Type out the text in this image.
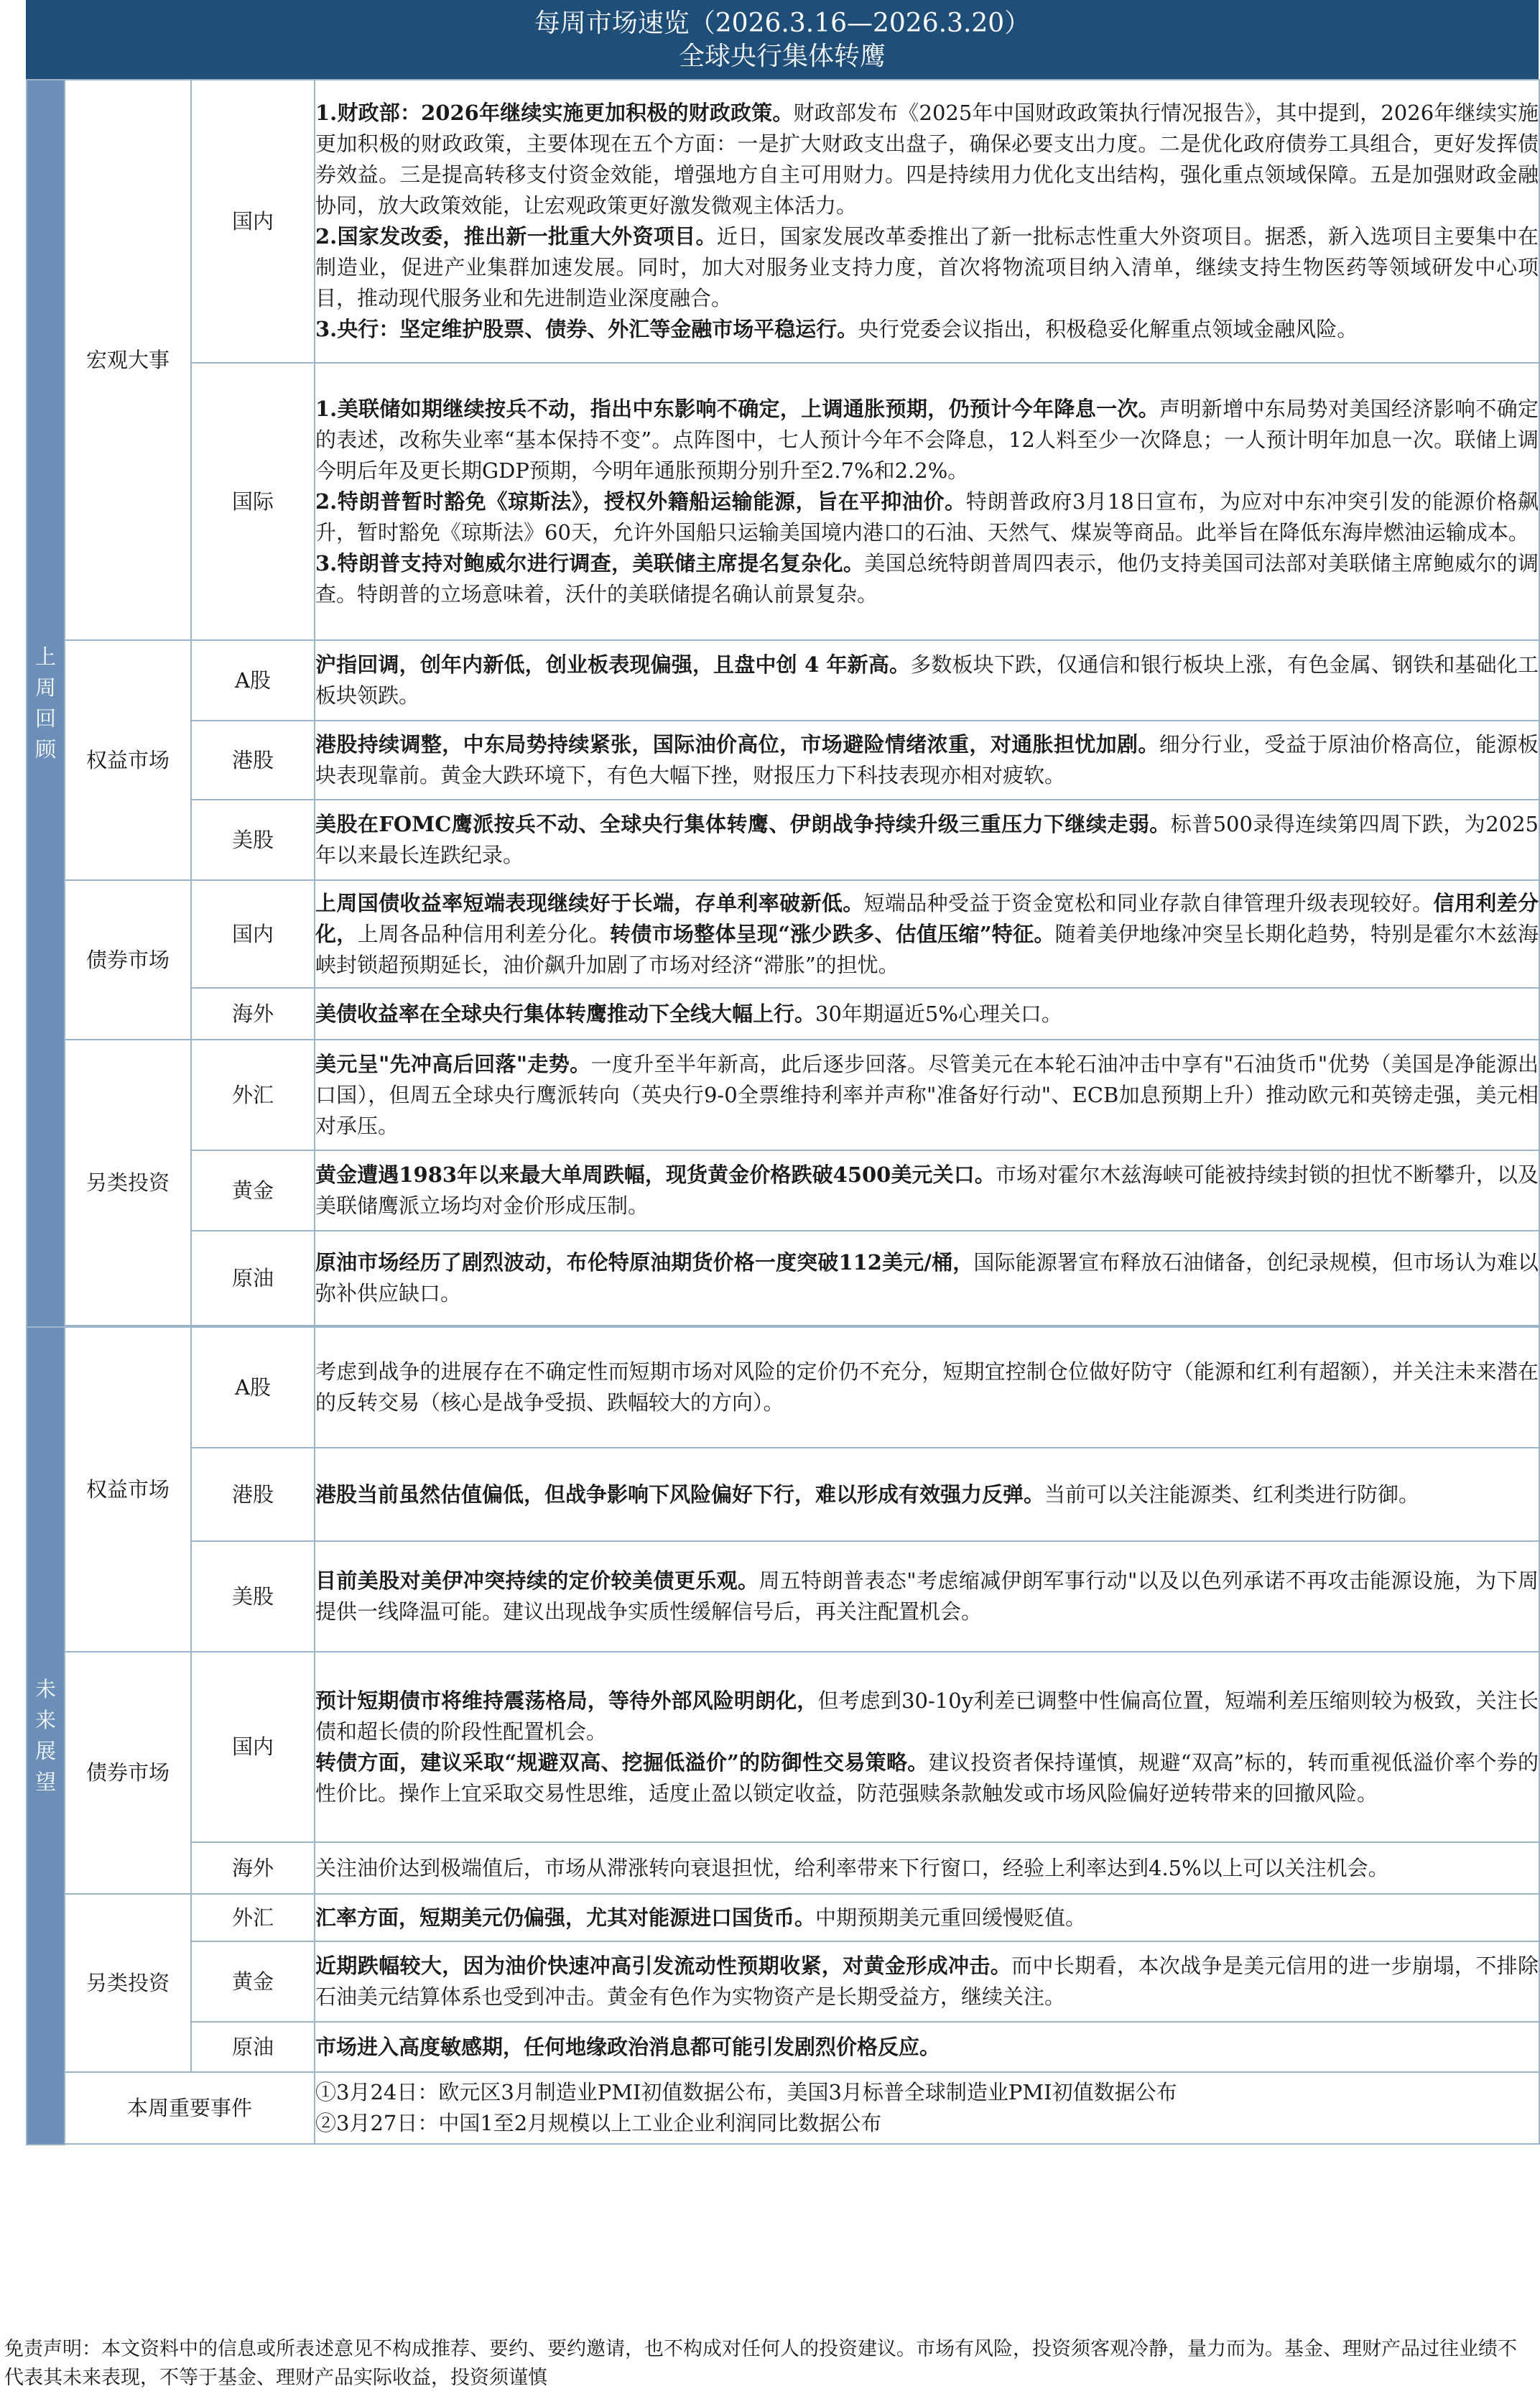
每周市场速览（2026.3.16—2026.3.20）
全球央行集体转鹰
上周回顾	宏观大事	国内	1.财政部：2026年继续实施更加积极的财政政策。财政部发布《2025年中国财政政策执行情况报告》，其中提到，2026年继续实施更加积极的财政政策，主要体现在五个方面：一是扩大财政支出盘子，确保必要支出力度。二是优化政府债券工具组合，更好发挥债券效益。三是提高转移支付资金效能，增强地方自主可用财力。四是持续用力优化支出结构，强化重点领域保障。五是加强财政金融协同，放大政策效能，让宏观政策更好激发微观主体活力。

2.国家发改委，推出新一批重大外资项目。近日，国家发展改革委推出了新一批标志性重大外资项目。据悉，新入选项目主要集中在制造业，促进产业集群加速发展。同时，加大对服务业支持力度，首次将物流项目纳入清单，继续支持生物医药等领域研发中心项目，推动现代服务业和先进制造业深度融合。

3.央行：坚定维护股票、债券、外汇等金融市场平稳运行。央行党委会议指出，积极稳妥化解重点领域金融风险。

		国际	1.美联储如期继续按兵不动，指出中东影响不确定，上调通胀预期，仍预计今年降息一次。声明新增中东局势对美国经济影响不确定的表述，改称失业率“基本保持不变”。点阵图中，七人预计今年不会降息，12人料至少一次降息；一人预计明年加息一次。联储上调今明后年及更长期GDP预期，今明年通胀预期分别升至2.7%和2.2%。

2.特朗普暂时豁免《琼斯法》，授权外籍船运输能源，旨在平抑油价。特朗普政府3月18日宣布，为应对中东冲突引发的能源价格飙升，暂时豁免《琼斯法》60天，允许外国船只运输美国境内港口的石油、天然气、煤炭等商品。此举旨在降低东海岸燃油运输成本。

3.特朗普支持对鲍威尔进行调查，美联储主席提名复杂化。美国总统特朗普周四表示，他仍支持美国司法部对美联储主席鲍威尔的调查。特朗普的立场意味着，沃什的美联储提名确认前景复杂。

	权益市场	A股	沪指回调，创年内新低，创业板表现偏强，且盘中创 4 年新高。多数板块下跌，仅通信和银行板块上涨，有色金属、钢铁和基础化工板块领跌。

		港股	港股持续调整，中东局势持续紧张，国际油价高位，市场避险情绪浓重，对通胀担忧加剧。细分行业，受益于原油价格高位，能源板块表现靠前。黄金大跌环境下，有色大幅下挫，财报压力下科技表现亦相对疲软。

		美股	美股在FOMC鹰派按兵不动、全球央行集体转鹰、伊朗战争持续升级三重压力下继续走弱。标普500录得连续第四周下跌，为2025年以来最长连跌纪录。

	债券市场	国内	上周国债收益率短端表现继续好于长端，存单利率破新低。短端品种受益于资金宽松和同业存款自律管理升级表现较好。信用利差分化，上周各品种信用利差分化。转债市场整体呈现“涨少跌多、估值压缩”特征。随着美伊地缘冲突呈长期化趋势，特别是霍尔木兹海峡封锁超预期延长，油价飙升加剧了市场对经济“滞胀”的担忧。

		海外	美债收益率在全球央行集体转鹰推动下全线大幅上行。30年期逼近5%心理关口。

	另类投资	外汇	美元呈"先冲高后回落"走势。一度升至半年新高，此后逐步回落。尽管美元在本轮石油冲击中享有"石油货币"优势（美国是净能源出口国），但周五全球央行鹰派转向（英央行9-0全票维持利率并声称"准备好行动"、ECB加息预期上升）推动欧元和英镑走强，美元相对承压。

		黄金	黄金遭遇1983年以来最大单周跌幅，现货黄金价格跌破4500美元关口。市场对霍尔木兹海峡可能被持续封锁的担忧不断攀升，以及美联储鹰派立场均对金价形成压制。

		原油	原油市场经历了剧烈波动，布伦特原油期货价格一度突破112美元/桶，国际能源署宣布释放石油储备，创纪录规模，但市场认为难以弥补供应缺口。

未来展望	权益市场	A股	考虑到战争的进展存在不确定性而短期市场对风险的定价仍不充分，短期宜控制仓位做好防守（能源和红利有超额），并关注未来潜在的反转交易（核心是战争受损、跌幅较大的方向）。

		港股	港股当前虽然估值偏低，但战争影响下风险偏好下行，难以形成有效强力反弹。当前可以关注能源类、红利类进行防御。

		美股	目前美股对美伊冲突持续的定价较美债更乐观。周五特朗普表态"考虑缩减伊朗军事行动"以及以色列承诺不再攻击能源设施，为下周提供一线降温可能。建议出现战争实质性缓解信号后，再关注配置机会。

	债券市场	国内	预计短期债市将维持震荡格局，等待外部风险明朗化，但考虑到30-10y利差已调整中性偏高位置，短端利差压缩则较为极致，关注长债和超长债的阶段性配置机会。

转债方面，建议采取“规避双高、挖掘低溢价”的防御性交易策略。建议投资者保持谨慎，规避“双高”标的，转而重视低溢价率个券的性价比。操作上宜采取交易性思维，适度止盈以锁定收益，防范强赎条款触发或市场风险偏好逆转带来的回撤风险。

		海外	关注油价达到极端值后，市场从滞涨转向衰退担忧，给利率带来下行窗口，经验上利率达到4.5%以上可以关注机会。

	另类投资	外汇	汇率方面，短期美元仍偏强，尤其对能源进口国货币。中期预期美元重回缓慢贬值。

		黄金	近期跌幅较大，因为油价快速冲高引发流动性预期收紧，对黄金形成冲击。而中长期看，本次战争是美元信用的进一步崩塌，不排除石油美元结算体系也受到冲击。黄金有色作为实物资产是长期受益方，继续关注。

		原油	市场进入高度敏感期，任何地缘政治消息都可能引发剧烈价格反应。

	本周重要事件		①3月24日：欧元区3月制造业PMI初值数据公布，美国3月标普全球制造业PMI初值数据公布

②3月27日：中国1至2月规模以上工业企业利润同比数据公布

免责声明：本文资料中的信息或所表述意见不构成推荐、要约、要约邀请，也不构成对任何人的投资建议。市场有风险，投资须客观冷静，量力而为。基金、理财产品过往业绩不代表其未来表现，不等于基金、理财产品实际收益，投资须谨慎
